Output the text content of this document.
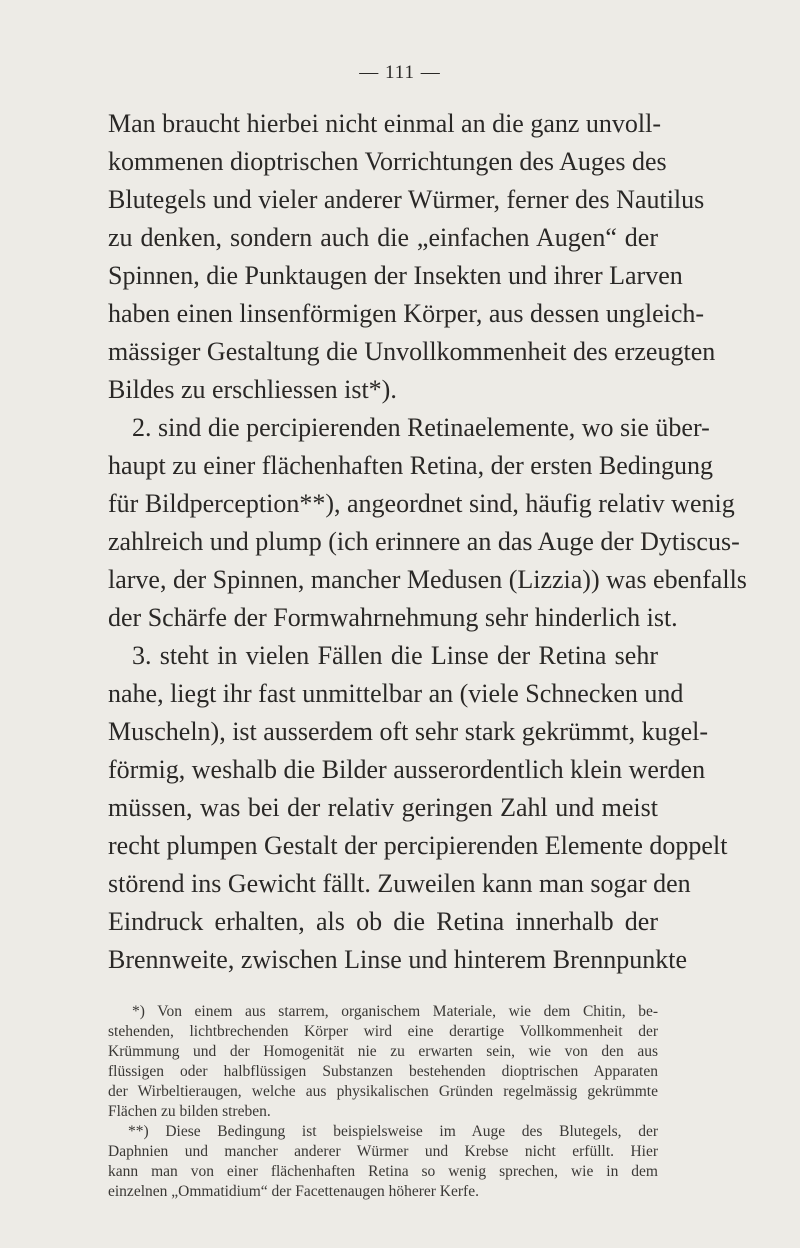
— 111 —
Man braucht hierbei nicht einmal an die ganz unvoll-
kommenen dioptrischen Vorrichtungen des Auges des
Blutegels und vieler anderer Würmer, ferner des Nautilus
zu denken, sondern auch die „einfachen Augen“ der
Spinnen, die Punktaugen der Insekten und ihrer Larven
haben einen linsenförmigen Körper, aus dessen ungleich-
mässiger Gestaltung die Unvollkommenheit des erzeugten
Bildes zu erschliessen ist*).
2. sind die percipierenden Retinaelemente, wo sie über-
haupt zu einer flächenhaften Retina, der ersten Bedingung
für Bildperception**), angeordnet sind, häufig relativ wenig
zahlreich und plump (ich erinnere an das Auge der Dytiscus-
larve, der Spinnen, mancher Medusen (Lizzia)) was ebenfalls
der Schärfe der Formwahrnehmung sehr hinderlich ist.
3. steht in vielen Fällen die Linse der Retina sehr
nahe, liegt ihr fast unmittelbar an (viele Schnecken und
Muscheln), ist ausserdem oft sehr stark gekrümmt, kugel-
förmig, weshalb die Bilder ausserordentlich klein werden
müssen, was bei der relativ geringen Zahl und meist
recht plumpen Gestalt der percipierenden Elemente doppelt
störend ins Gewicht fällt. Zuweilen kann man sogar den
Eindruck erhalten, als ob die Retina innerhalb der
Brennweite, zwischen Linse und hinterem Brennpunkte
*) Von einem aus starrem, organischem Materiale, wie dem Chitin, be-
stehenden, lichtbrechenden Körper wird eine derartige Vollkommenheit der
Krümmung und der Homogenität nie zu erwarten sein, wie von den aus
flüssigen oder halbflüssigen Substanzen bestehenden dioptrischen Apparaten
der Wirbeltieraugen, welche aus physikalischen Gründen regelmässig gekrümmte
Flächen zu bilden streben.
**) Diese Bedingung ist beispielsweise im Auge des Blutegels, der
Daphnien und mancher anderer Würmer und Krebse nicht erfüllt. Hier
kann man von einer flächenhaften Retina so wenig sprechen, wie in dem
einzelnen „Ommatidium“ der Facettenaugen höherer Kerfe.
